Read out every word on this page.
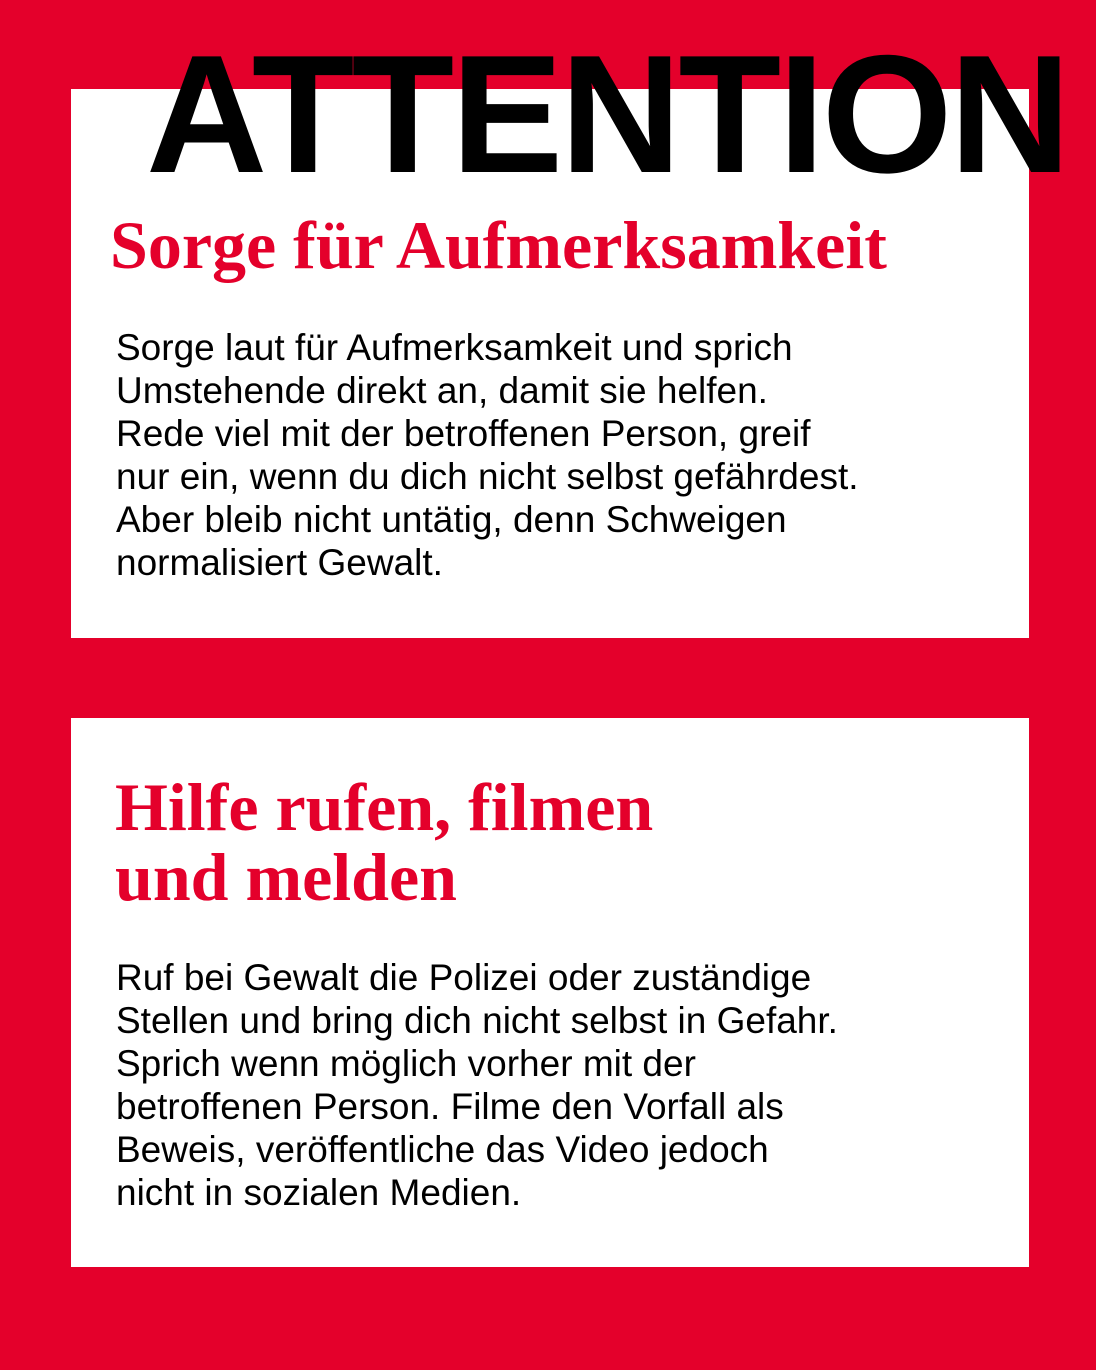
ATTENTION
Sorge für Aufmerksamkeit

Sorge laut für Aufmerksamkeit und sprich
Umstehende direkt an, damit sie helfen.
Rede viel mit der betroffenen Person, greif
nur ein, wenn du dich nicht selbst gefährdest.
Aber bleib nicht untätig, denn Schweigen
normalisiert Gewalt.

Hilfe rufen, filmen
und melden

Ruf bei Gewalt die Polizei oder zuständige
Stellen und bring dich nicht selbst in Gefahr.
Sprich wenn möglich vorher mit der
betroffenen Person. Filme den Vorfall als
Beweis, veröffentliche das Video jedoch
nicht in sozialen Medien.
